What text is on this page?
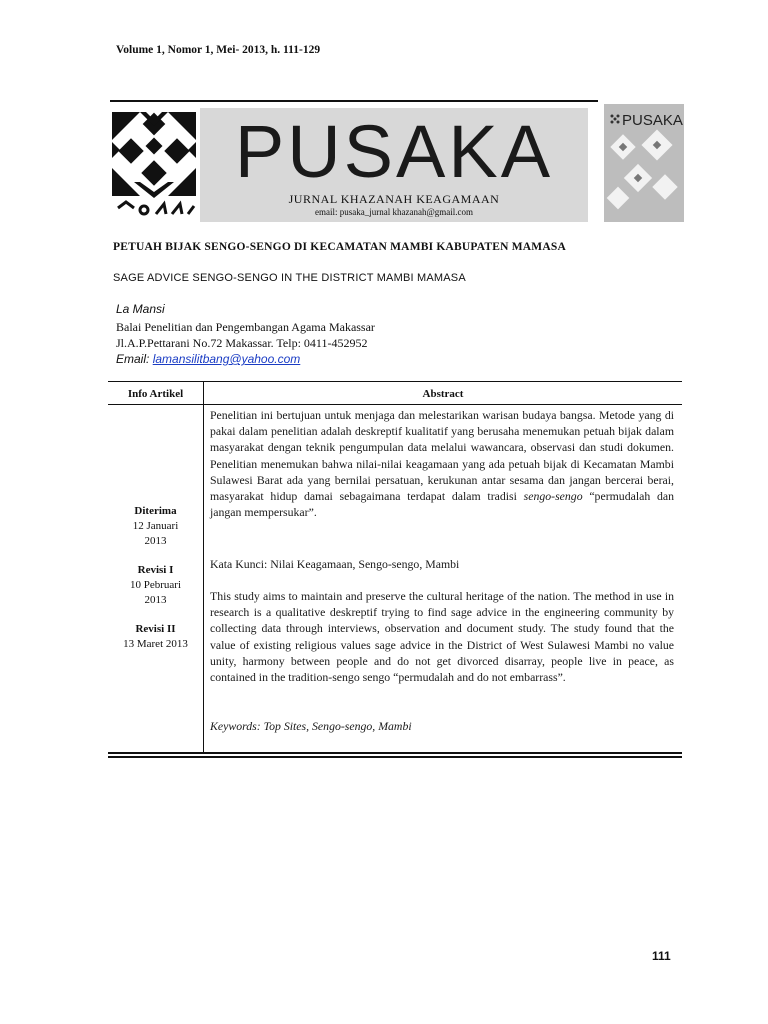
Volume 1, Nomor 1, Mei- 2013, h. 111-129
PUSAKA
JURNAL KHAZANAH KEAGAMAAN
email: pusaka_jurnal khazanah@gmail.com
PUSAKA
PETUAH BIJAK SENGO-SENGO DI KECAMATAN MAMBI KABUPATEN MAMASA
SAGE ADVICE SENGO-SENGO IN THE DISTRICT MAMBI MAMASA
La Mansi
Balai Penelitian dan Pengembangan Agama Makassar
Jl.A.P.Pettarani No.72 Makassar. Telp: 0411-452952
Email: lamansilitbang@yahoo.com
Info Artikel	Abstract
Diterima
12 Januari
2013
Revisi I
10 Pebruari
2013
Revisi II
13 Maret 2013
Penelitian ini bertujuan untuk menjaga dan melestarikan warisan budaya bangsa. Metode yang di pakai dalam penelitian adalah deskreptif kualitatif yang berusaha menemukan petuah bijak dalam masyarakat dengan teknik pengumpulan data melalui wawancara, observasi dan studi dokumen. Penelitian menemukan bahwa nilai-nilai keagamaan yang ada petuah bijak di Kecamatan Mambi Sulawesi Barat ada yang bernilai persatuan, kerukunan antar sesama dan jangan bercerai berai, masyarakat hidup damai sebagaimana terdapat dalam tradisi sengo-sengo “permudalah dan jangan mempersukar”.
Kata Kunci: Nilai Keagamaan, Sengo-sengo, Mambi
This study aims to maintain and preserve the cultural heritage of the nation. The method in use in research is a qualitative deskreptif trying to find sage advice in the engineering community by collecting data through interviews, observation and document study. The study found that the value of existing religious values sage advice in the District of West Sulawesi Mambi no value unity, harmony between people and do not get divorced disarray, people live in peace, as contained in the tradition-sengo sengo “permudalah and do not embarrass”.
Keywords: Top Sites, Sengo-sengo, Mambi
111
